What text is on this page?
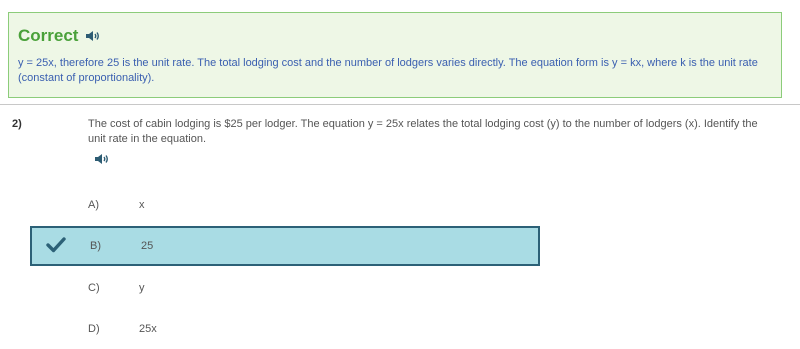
Correct
y = 25x, therefore 25 is the unit rate. The total lodging cost and the number of lodgers varies directly. The equation form is y = kx, where k is the unit rate (constant of proportionality).
2)	The cost of cabin lodging is $25 per lodger. The equation y = 25x relates the total lodging cost (y) to the number of lodgers (x). Identify the unit rate in the equation.
A)	x
B)	25
C)	y
D)	25x
